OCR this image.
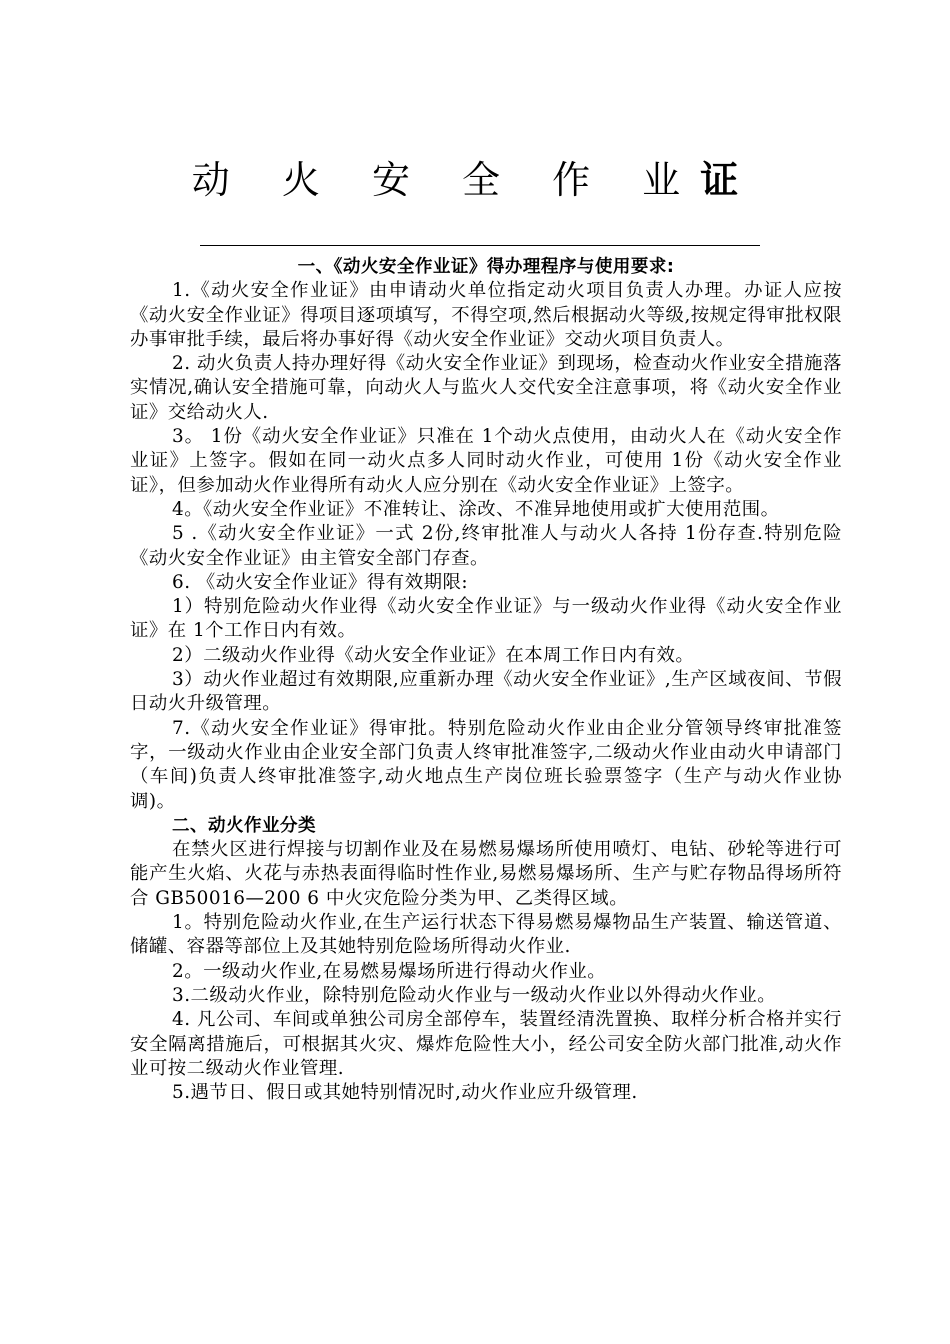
动 火 安 全 作 业证

一、《动火安全作业证》得办理程序与使用要求:

1.《动火安全作业证》由申请动火单位指定动火项目负责人办理。办证人应按《动火安全作业证》得项目逐项填写，不得空项,然后根据动火等级,按规定得审批权限办事审批手续，最后将办事好得《动火安全作业证》交动火项目负责人。

2. 动火负责人持办理好得《动火安全作业证》到现场，检查动火作业安全措施落实情况,确认安全措施可靠，向动火人与监火人交代安全注意事项，将《动火安全作业证》交给动火人.

3。 1份《动火安全作业证》只准在 1个动火点使用，由动火人在《动火安全作业证》上签字。假如在同一动火点多人同时动火作业，可使用 1份《动火安全作业证》，但参加动火作业得所有动火人应分别在《动火安全作业证》上签字。

4。《动火安全作业证》不准转让、涂改、不准异地使用或扩大使用范围。

5 .《动火安全作业证》一式 2份,终审批准人与动火人各持 1份存查.特别危险《动火安全作业证》由主管安全部门存查。

6. 《动火安全作业证》得有效期限:

1）特别危险动火作业得《动火安全作业证》与一级动火作业得《动火安全作业证》在 1个工作日内有效。

2）二级动火作业得《动火安全作业证》在本周工作日内有效。

3）动火作业超过有效期限,应重新办理《动火安全作业证》,生产区域夜间、节假日动火升级管理。

7.《动火安全作业证》得审批。特别危险动火作业由企业分管领导终审批准签字，一级动火作业由企业安全部门负责人终审批准签字,二级动火作业由动火申请部门（车间)负责人终审批准签字,动火地点生产岗位班长验票签字（生产与动火作业协调)。

二、动火作业分类

在禁火区进行焊接与切割作业及在易燃易爆场所使用喷灯、电钻、砂轮等进行可能产生火焰、火花与赤热表面得临时性作业,易燃易爆场所、生产与贮存物品得场所符合 GB50016—200 6 中火灾危险分类为甲、乙类得区域。

1。特别危险动火作业,在生产运行状态下得易燃易爆物品生产装置、输送管道、储罐、容器等部位上及其她特别危险场所得动火作业.

2。一级动火作业,在易燃易爆场所进行得动火作业。

3.二级动火作业，除特别危险动火作业与一级动火作业以外得动火作业。

4. 凡公司、车间或单独公司房全部停车，装置经清洗置换、取样分析合格并实行安全隔离措施后，可根据其火灾、爆炸危险性大小，经公司安全防火部门批准,动火作业可按二级动火作业管理.

5.遇节日、假日或其她特别情况时,动火作业应升级管理.
